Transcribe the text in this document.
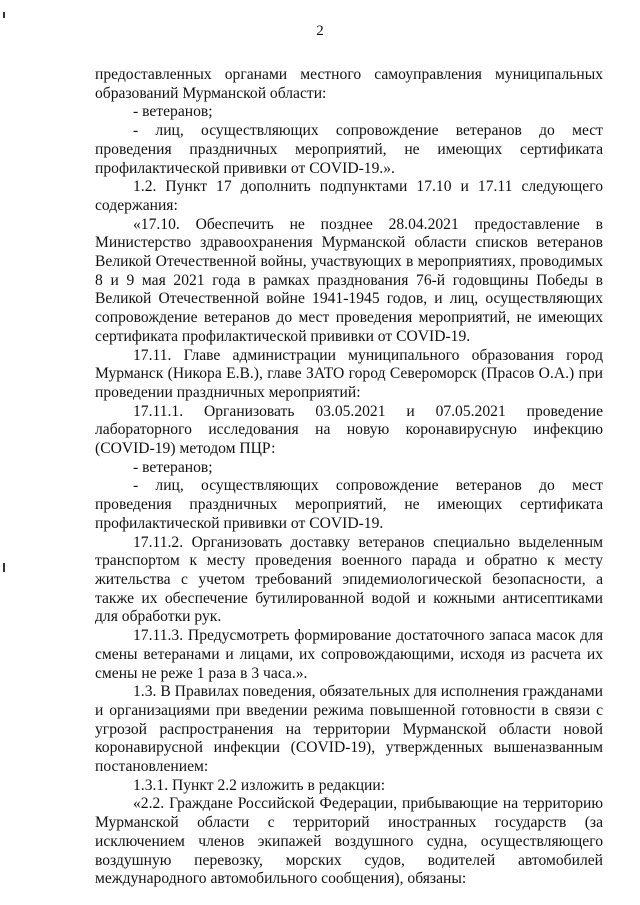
2

предоставленных органами местного самоуправления муниципальных образований Мурманской области:

- ветеранов;

- лиц, осуществляющих сопровождение ветеранов до мест проведения праздничных мероприятий, не имеющих сертификата профилактической прививки от COVID-19.».

1.2. Пункт 17 дополнить подпунктами 17.10 и 17.11 следующего содержания:

«17.10. Обеспечить не позднее 28.04.2021 предоставление в Министерство здравоохранения Мурманской области списков ветеранов Великой Отечественной войны, участвующих в мероприятиях, проводимых 8 и 9 мая 2021 года в рамках празднования 76-й годовщины Победы в Великой Отечественной войне 1941-1945 годов, и лиц, осуществляющих сопровождение ветеранов до мест проведения мероприятий, не имеющих сертификата профилактической прививки от COVID-19.

17.11. Главе администрации муниципального образования город Мурманск (Никора Е.В.), главе ЗАТО город Североморск (Прасов О.А.) при проведении праздничных мероприятий:

17.11.1. Организовать 03.05.2021 и 07.05.2021 проведение лабораторного исследования на новую коронавирусную инфекцию (COVID-19) методом ПЦР:

- ветеранов;

- лиц, осуществляющих сопровождение ветеранов до мест проведения праздничных мероприятий, не имеющих сертификата профилактической прививки от COVID-19.

17.11.2. Организовать доставку ветеранов специально выделенным транспортом к месту проведения военного парада и обратно к месту жительства с учетом требований эпидемиологической безопасности, а также их обеспечение бутилированной водой и кожными антисептиками для обработки рук.

17.11.3. Предусмотреть формирование достаточного запаса масок для смены ветеранами и лицами, их сопровождающими, исходя из расчета их смены не реже 1 раза в 3 часа.».

1.3. В Правилах поведения, обязательных для исполнения гражданами и организациями при введении режима повышенной готовности в связи с угрозой распространения на территории Мурманской области новой коронавирусной инфекции (COVID-19), утвержденных вышеназванным постановлением:

1.3.1. Пункт 2.2 изложить в редакции:

«2.2. Граждане Российской Федерации, прибывающие на территорию Мурманской области с территорий иностранных государств (за исключением членов экипажей воздушного судна, осуществляющего воздушную перевозку, морских судов, водителей автомобилей международного автомобильного сообщения), обязаны:
